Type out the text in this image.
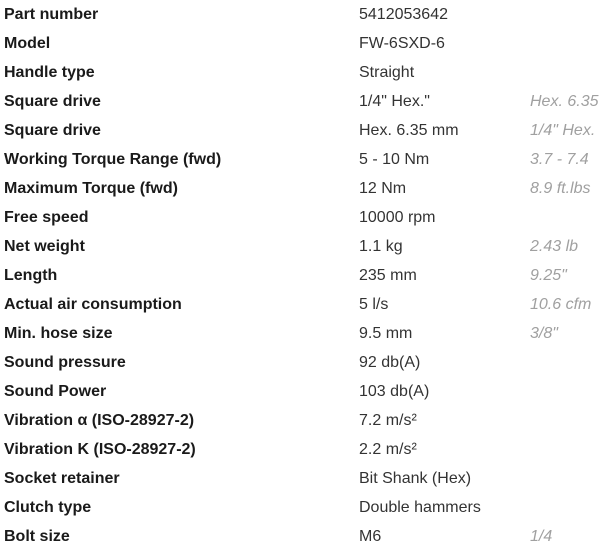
Part number	5412053642
Model	FW-6SXD-6
Handle type	Straight
Square drive	1/4" Hex."	Hex. 6.35
Square drive	Hex. 6.35 mm	1/4" Hex.
Working Torque Range (fwd)	5 - 10 Nm	3.7 - 7.4
Maximum Torque (fwd)	12 Nm	8.9 ft.lbs
Free speed	10000 rpm
Net weight	1.1 kg	2.43 lb
Length	235 mm	9.25"
Actual air consumption	5 l/s	10.6 cfm
Min. hose size	9.5 mm	3/8"
Sound pressure	92 db(A)
Sound Power	103 db(A)
Vibration α (ISO-28927-2)	7.2 m/s²
Vibration K (ISO-28927-2)	2.2 m/s²
Socket retainer	Bit Shank (Hex)
Clutch type	Double hammers
Bolt size	M6	1/4
